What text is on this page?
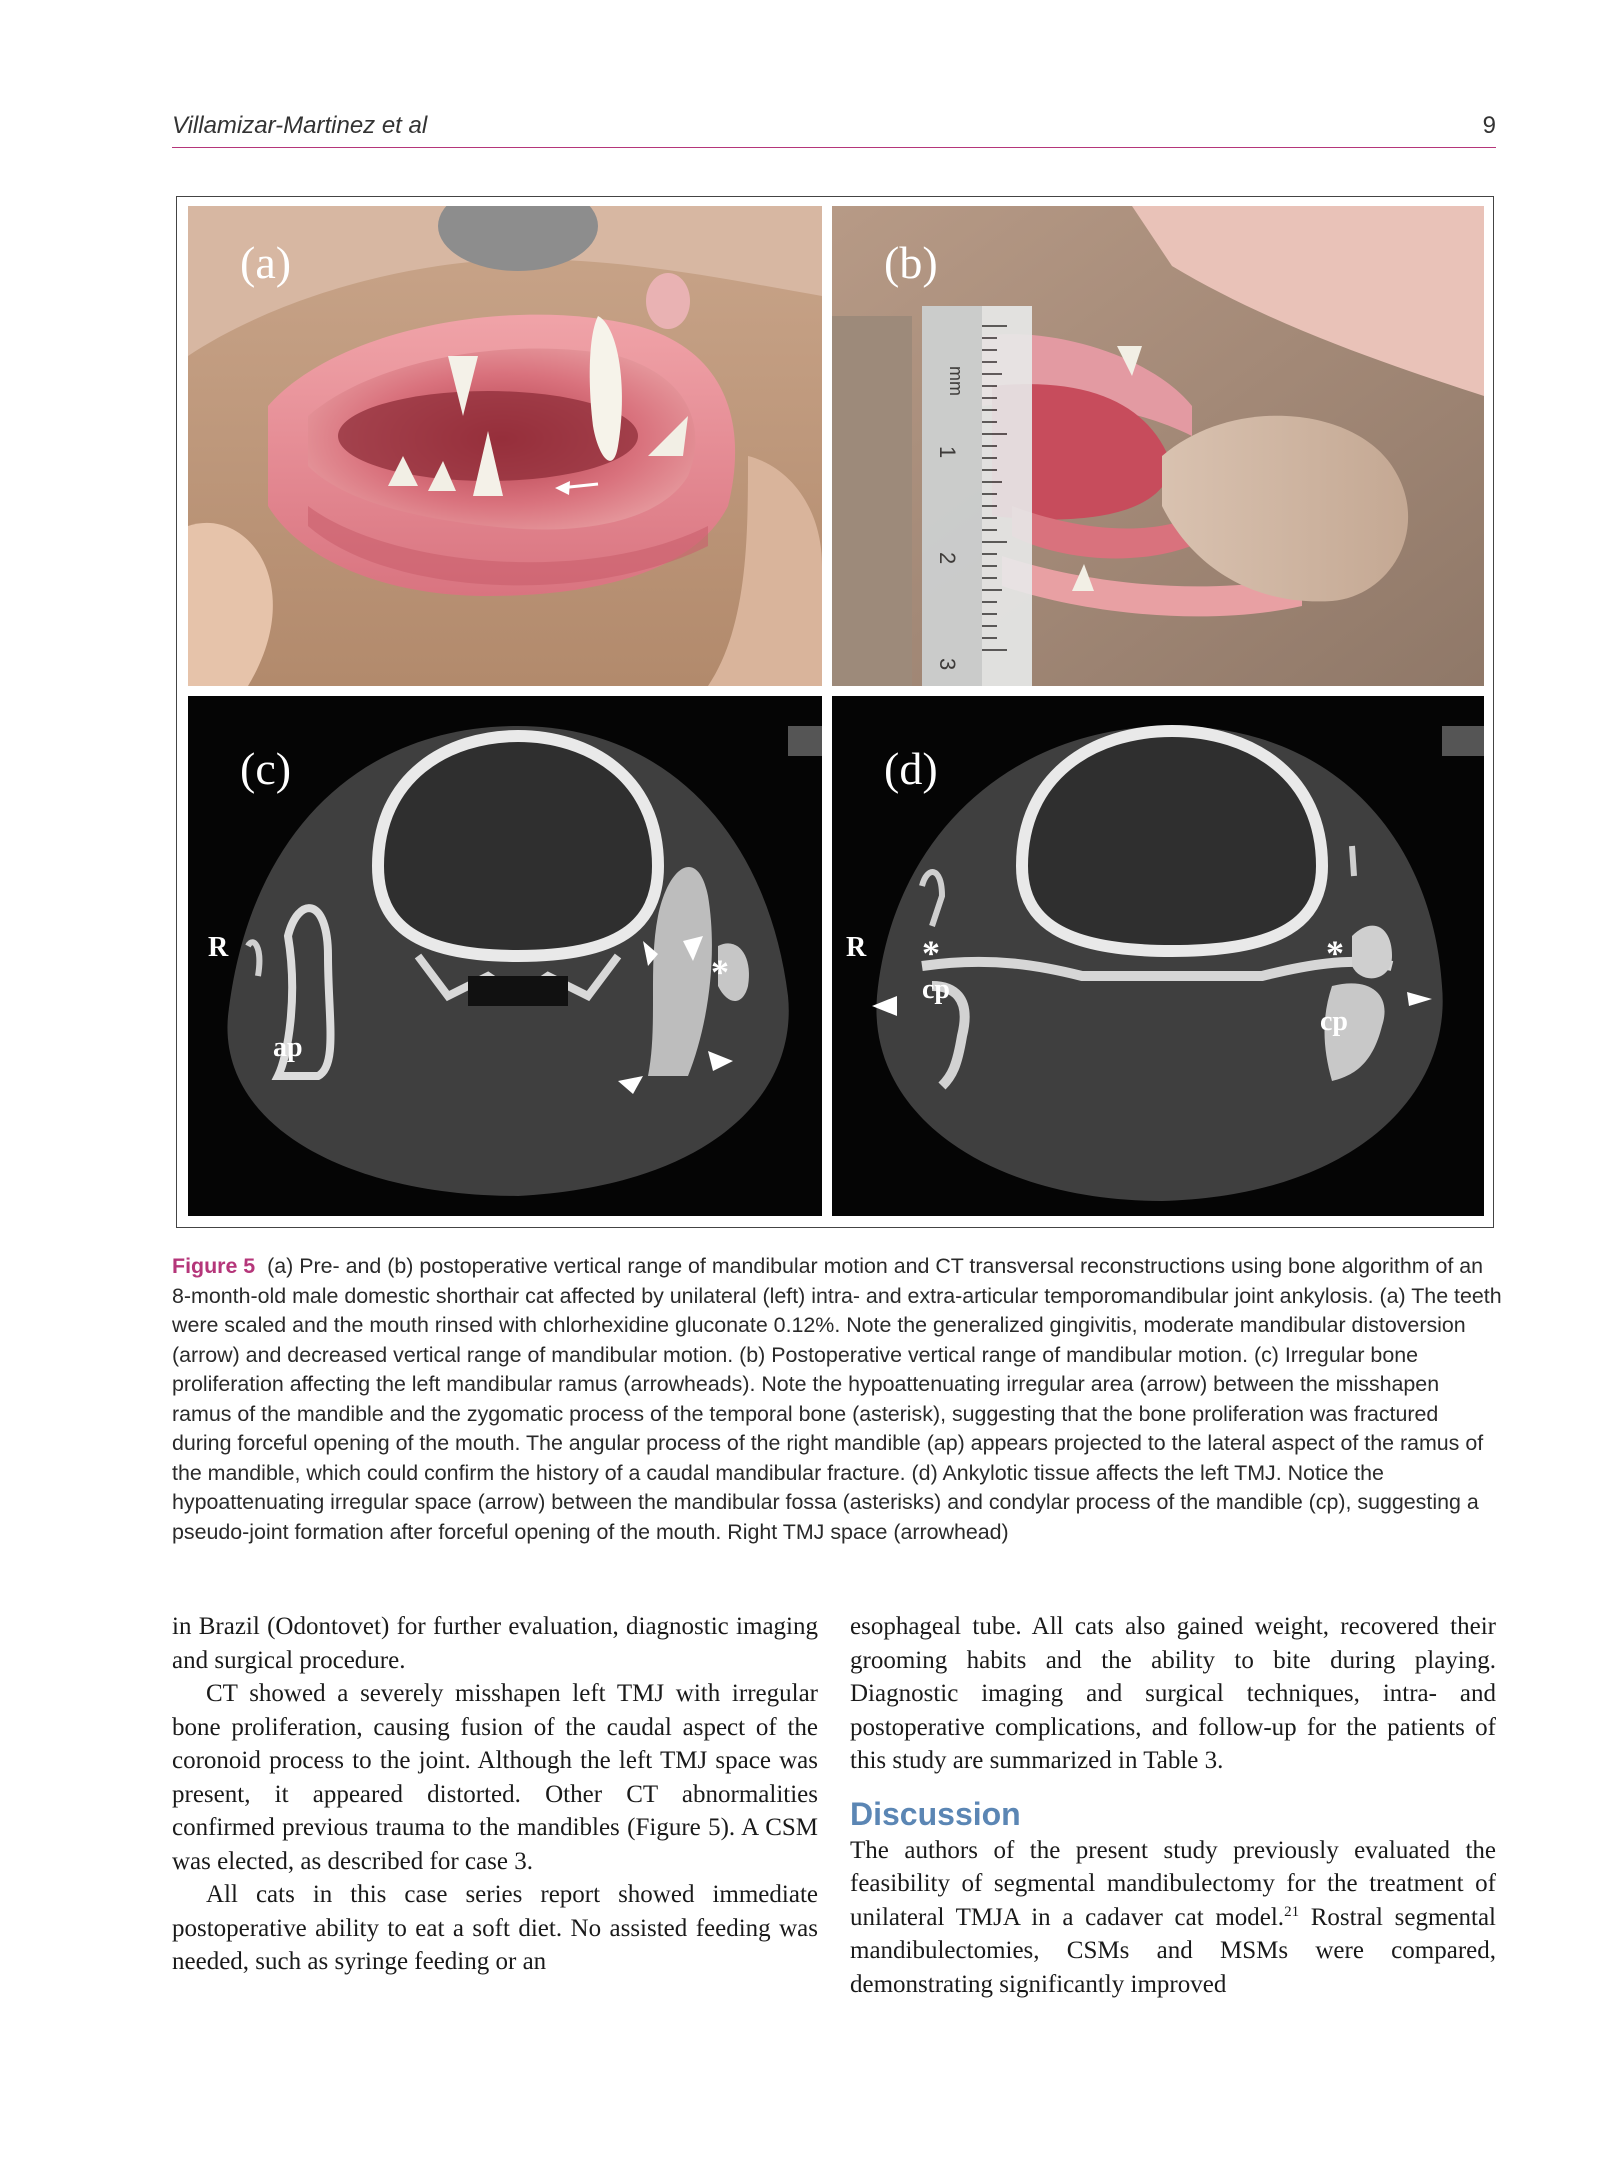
Villamizar-Martinez et al	9
(a)
1
2
3
mm
(b)
(c)
R
ap
*
(d)
R *	*
cp
cp
Figure 5 (a) Pre- and (b) postoperative vertical range of mandibular motion and CT transversal reconstructions using bone algorithm of an 8-month-old male domestic shorthair cat affected by unilateral (left) intra- and extra-articular temporomandibular joint ankylosis. (a) The teeth were scaled and the mouth rinsed with chlorhexidine gluconate 0.12%. Note the generalized gingivitis, moderate mandibular distoversion (arrow) and decreased vertical range of mandibular motion. (b) Postoperative vertical range of mandibular motion. (c) Irregular bone proliferation affecting the left mandibular ramus (arrowheads). Note the hypoattenuating irregular area (arrow) between the misshapen ramus of the mandible and the zygomatic process of the temporal bone (asterisk), suggesting that the bone proliferation was fractured during forceful opening of the mouth. The angular process of the right mandible (ap) appears projected to the lateral aspect of the ramus of the mandible, which could confirm the history of a caudal mandibular fracture. (d) Ankylotic tissue affects the left TMJ. Notice the hypoattenuating irregular space (arrow) between the mandibular fossa (asterisks) and condylar process of the mandible (cp), suggesting a pseudo-joint formation after forceful opening of the mouth. Right TMJ space (arrowhead)

in Brazil (Odontovet) for further evaluation, diagnostic imaging and surgical procedure.

CT showed a severely misshapen left TMJ with irregular bone proliferation, causing fusion of the caudal aspect of the coronoid process to the joint. Although the left TMJ space was present, it appeared distorted. Other CT abnormalities confirmed previous trauma to the mandibles (Figure 5). A CSM was elected, as described for case 3.

All cats in this case series report showed immediate postoperative ability to eat a soft diet. No assisted feeding was needed, such as syringe feeding or an

esophageal tube. All cats also gained weight, recovered their grooming habits and the ability to bite during playing. Diagnostic imaging and surgical techniques, intra- and postoperative complications, and follow-up for the patients of this study are summarized in Table 3.

Discussion

The authors of the present study previously evaluated the feasibility of segmental mandibulectomy for the treatment of unilateral TMJA in a cadaver cat model.$^{21}$ Rostral segmental mandibulectomies, CSMs and MSMs were compared, demonstrating significantly improved
